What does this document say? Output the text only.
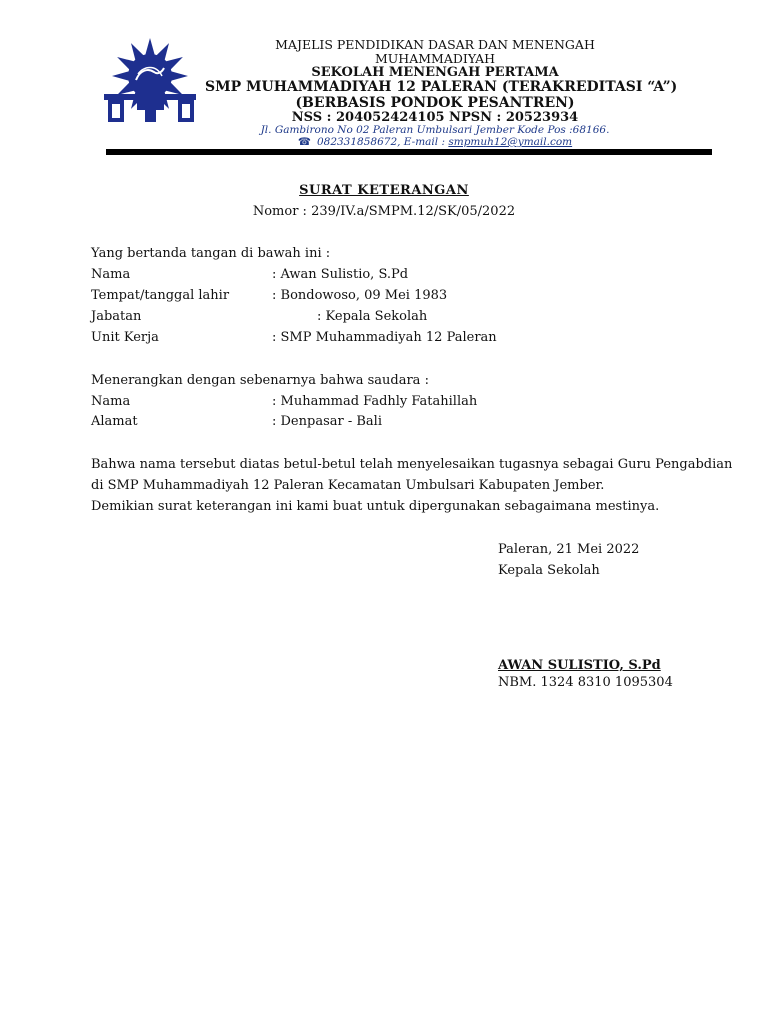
MAJELIS PENDIDIKAN DASAR DAN MENENGAH
MUHAMMADIYAH
SEKOLAH MENENGAH PERTAMA
SMP MUHAMMADIYAH 12 PALERAN (TERAKREDITASI “A”)
(BERBASIS PONDOK PESANTREN)
NSS : 204052424105 NPSN : 20523934
Jl. Gambirono No 02 Paleran Umbulsari Jember Kode Pos :68166.
☎ 082331858672, E-mail : smpmuh12@ymail.com
SURAT KETERANGAN
Nomor : 239/IV.a/SMPM.12/SK/05/2022
Yang bertanda tangan di bawah ini :
Nama	: Awan Sulistio, S.Pd
Tempat/tanggal lahir	: Bondowoso, 09 Mei 1983
Jabatan	: Kepala Sekolah
Unit Kerja	: SMP Muhammadiyah 12 Paleran
Menerangkan dengan sebenarnya bahwa saudara :
Nama	: Muhammad Fadhly Fatahillah
Alamat	: Denpasar - Bali
Bahwa nama tersebut diatas betul-betul telah menyelesaikan tugasnya sebagai Guru Pengabdian
di SMP Muhammadiyah 12 Paleran Kecamatan Umbulsari Kabupaten Jember.
Demikian surat keterangan ini kami buat untuk dipergunakan sebagaimana mestinya.
Paleran, 21 Mei 2022
Kepala Sekolah
AWAN SULISTIO, S.Pd
NBM. 1324 8310 1095304
